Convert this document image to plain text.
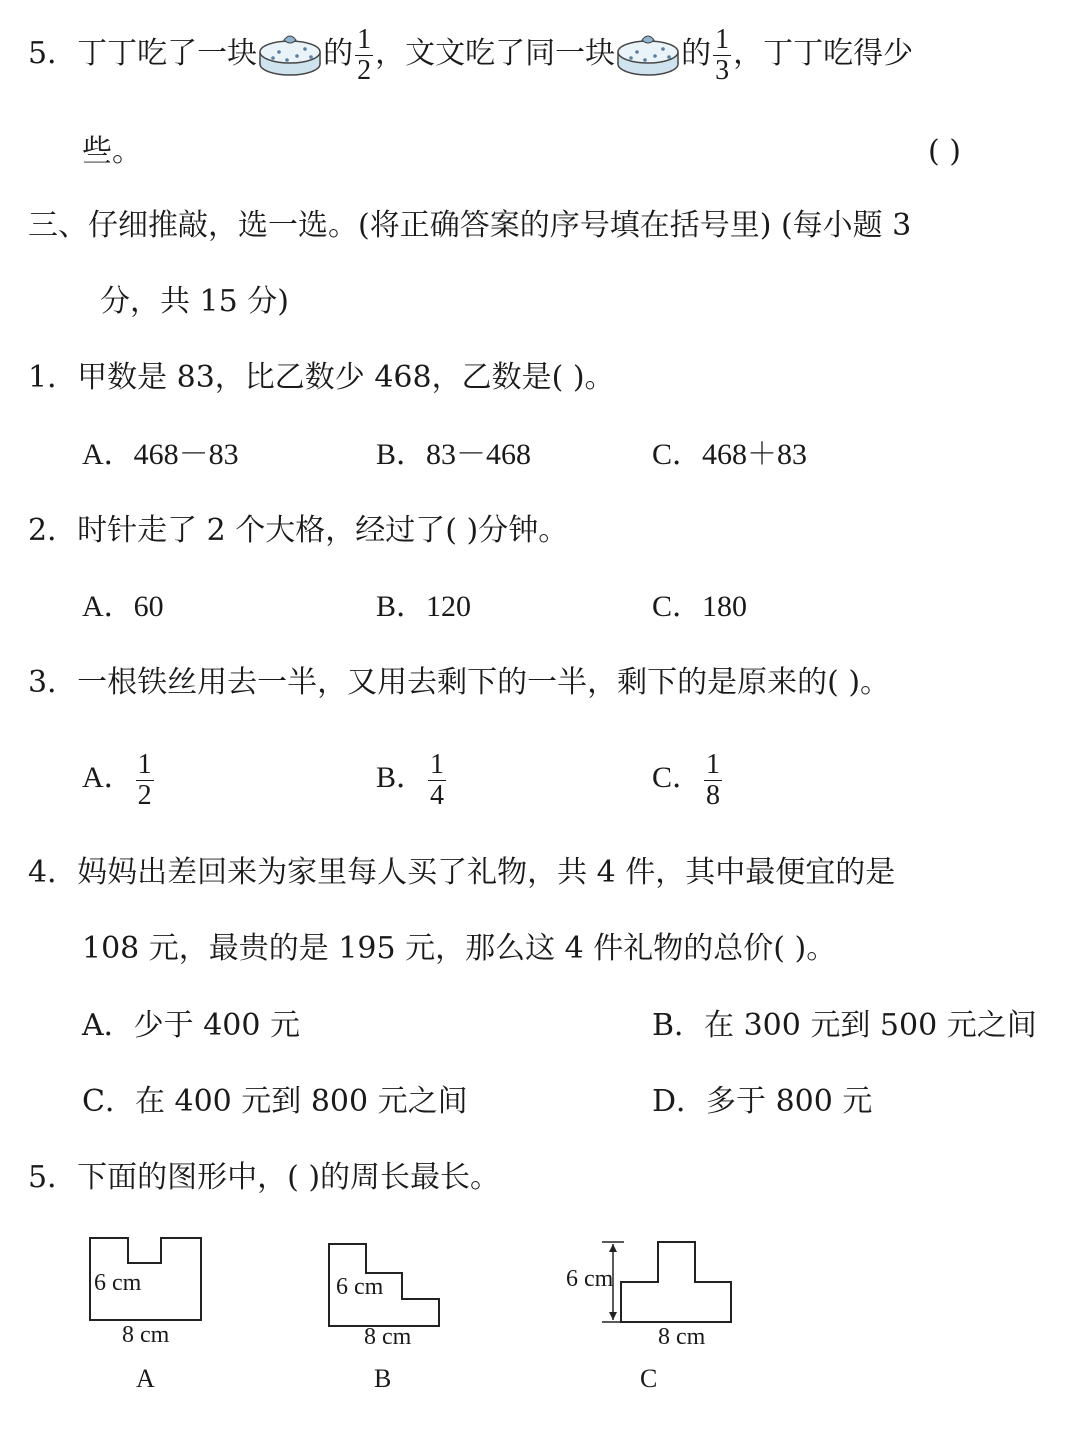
5．丁丁吃了一块 的 $\frac{1}{2}$ ，文文吃了同一块 的 $\frac{1}{3}$ ，丁丁吃得少
些。	( )
三、仔细推敲，选一选。(将正确答案的序号填在括号里) (每小题 3
分，共 15 分)
1．甲数是 83，比乙数少 468，乙数是( )。
A．468－83	B．83－468	C．468＋83
2．时针走了 2 个大格，经过了( )分钟。
A．60	B．120	C．180
3．一根铁丝用去一半，又用去剩下的一半，剩下的是原来的( )。
A． $\frac{1}{2}$	B． $\frac{1}{4}$	C． $\frac{1}{8}$
4．妈妈出差回来为家里每人买了礼物，共 4 件，其中最便宜的是
108 元，最贵的是 195 元，那么这 4 件礼物的总价( )。
A．少于 400 元	B．在 300 元到 500 元之间
C．在 400 元到 800 元之间	D．多于 800 元
5．下面的图形中，( )的周长最长。
6 cm
8 cm
A
6 cm
8 cm
B
6 cm
8 cm
C
